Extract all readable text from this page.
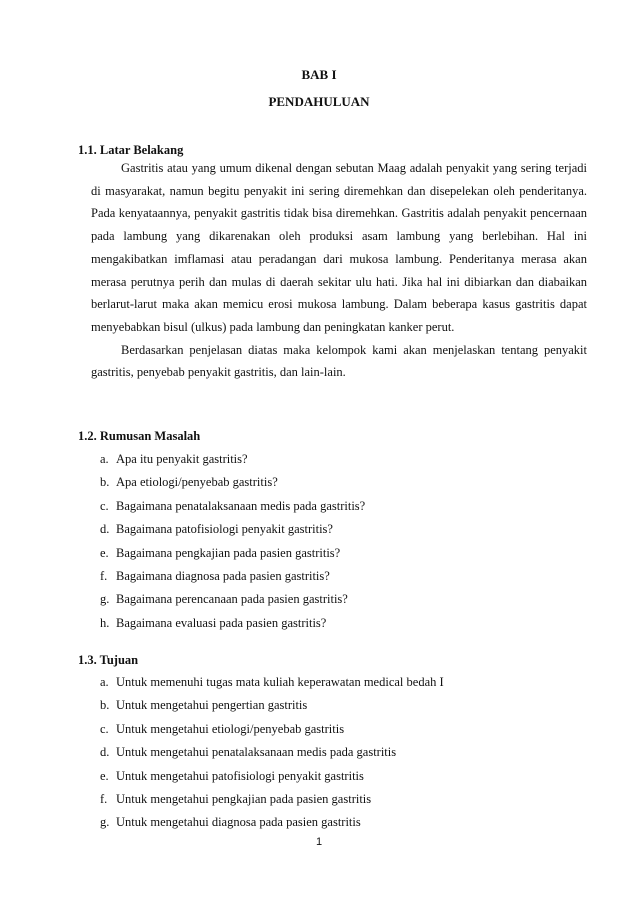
BAB I
PENDAHULUAN
1.1. Latar Belakang

Gastritis atau yang umum dikenal dengan sebutan Maag adalah penyakit yang sering terjadi di masyarakat, namun begitu penyakit ini sering diremehkan dan disepelekan oleh penderitanya. Pada kenyataannya, penyakit gastritis tidak bisa diremehkan. Gastritis adalah penyakit pencernaan pada lambung yang dikarenakan oleh produksi asam lambung yang berlebihan. Hal ini mengakibatkan imflamasi atau peradangan dari mukosa lambung. Penderitanya merasa akan merasa perutnya perih dan mulas di daerah sekitar ulu hati. Jika hal ini dibiarkan dan diabaikan berlarut-larut maka akan memicu erosi mukosa lambung. Dalam beberapa kasus gastritis dapat menyebabkan bisul (ulkus) pada lambung dan peningkatan kanker perut.

Berdasarkan penjelasan diatas maka kelompok kami akan menjelaskan tentang penyakit gastritis, penyebab penyakit gastritis, dan lain-lain.

1.2. Rumusan Masalah
a. Apa itu penyakit gastritis?
b. Apa etiologi/penyebab gastritis?
c. Bagaimana penatalaksanaan medis pada gastritis?
d. Bagaimana patofisiologi penyakit gastritis?
e. Bagaimana pengkajian pada pasien gastritis?
f. Bagaimana diagnosa pada pasien gastritis?
g. Bagaimana perencanaan pada pasien gastritis?
h. Bagaimana evaluasi pada pasien gastritis?
1.3. Tujuan
a. Untuk memenuhi tugas mata kuliah keperawatan medical bedah I
b. Untuk mengetahui pengertian gastritis
c. Untuk mengetahui etiologi/penyebab gastritis
d. Untuk mengetahui penatalaksanaan medis pada gastritis
e. Untuk mengetahui patofisiologi penyakit gastritis
f. Untuk mengetahui pengkajian pada pasien gastritis
g. Untuk mengetahui diagnosa pada pasien gastritis
1
